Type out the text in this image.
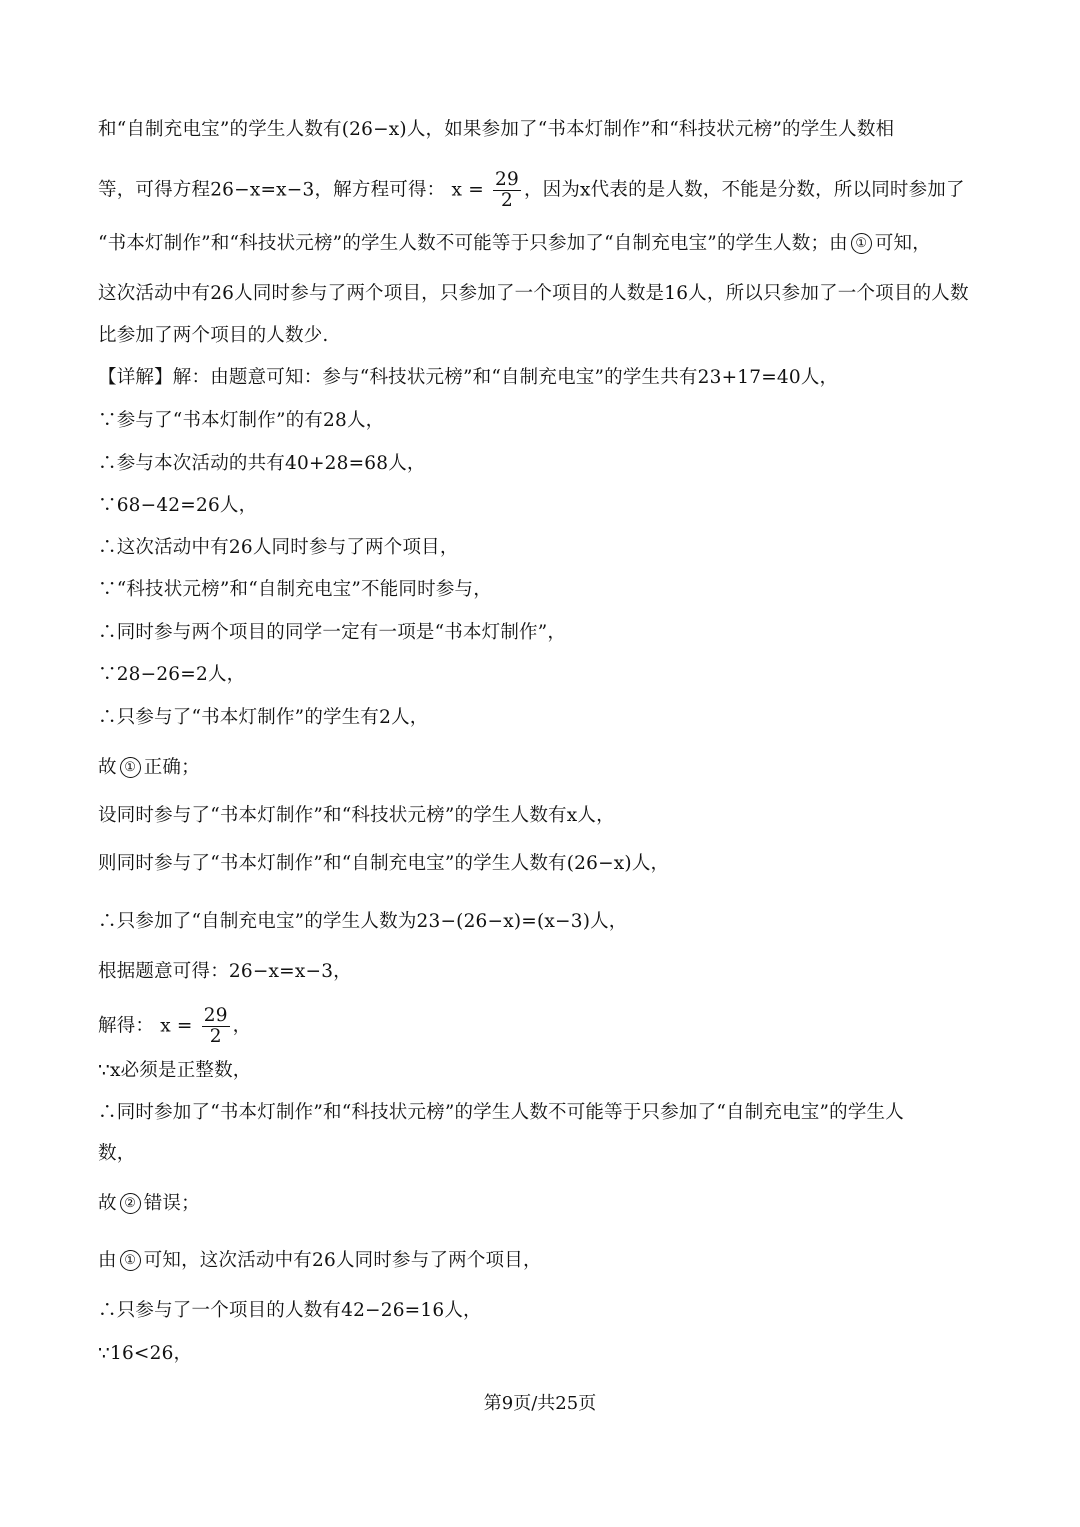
和“自制充电宝”的学生人数有(26−x)人，如果参加了“书本灯制作”和“科技状元榜”的学生人数相
等，可得方程26−x=x−3，解方程可得： $x = \frac{29}{2}$ ，因为x代表的是人数，不能是分数，所以同时参加了
“书本灯制作”和“科技状元榜”的学生人数不可能等于只参加了“自制充电宝”的学生人数；由 ① 可知，
这次活动中有26人同时参与了两个项目，只参加了一个项目的人数是16人，所以只参加了一个项目的人数
比参加了两个项目的人数少.
【详解】解：由题意可知：参与“科技状元榜”和“自制充电宝”的学生共有23+17=40人，
∵参与了“书本灯制作”的有28人，
∴参与本次活动的共有40+28=68人，
∵68−42=26人，
∴这次活动中有26人同时参与了两个项目，
∵“科技状元榜”和“自制充电宝”不能同时参与，
∴同时参与两个项目的同学一定有一项是“书本灯制作”，
∵28−26=2人，
∴只参与了“书本灯制作”的学生有2人，
故 ① 正确；
设同时参与了“书本灯制作”和“科技状元榜”的学生人数有x人，
则同时参与了“书本灯制作”和“自制充电宝”的学生人数有(26−x)人，
∴只参加了“自制充电宝”的学生人数为23−(26−x)=(x−3)人，
根据题意可得：26−x=x−3，
解得： $x = \frac{29}{2}$ ，
∵x必须是正整数，
∴同时参加了“书本灯制作”和“科技状元榜”的学生人数不可能等于只参加了“自制充电宝”的学生人
数，
故 ② 错误；
由 ① 可知，这次活动中有26人同时参与了两个项目，
∴只参与了一个项目的人数有42−26=16人，
∵16<26，
第9页/共25页
